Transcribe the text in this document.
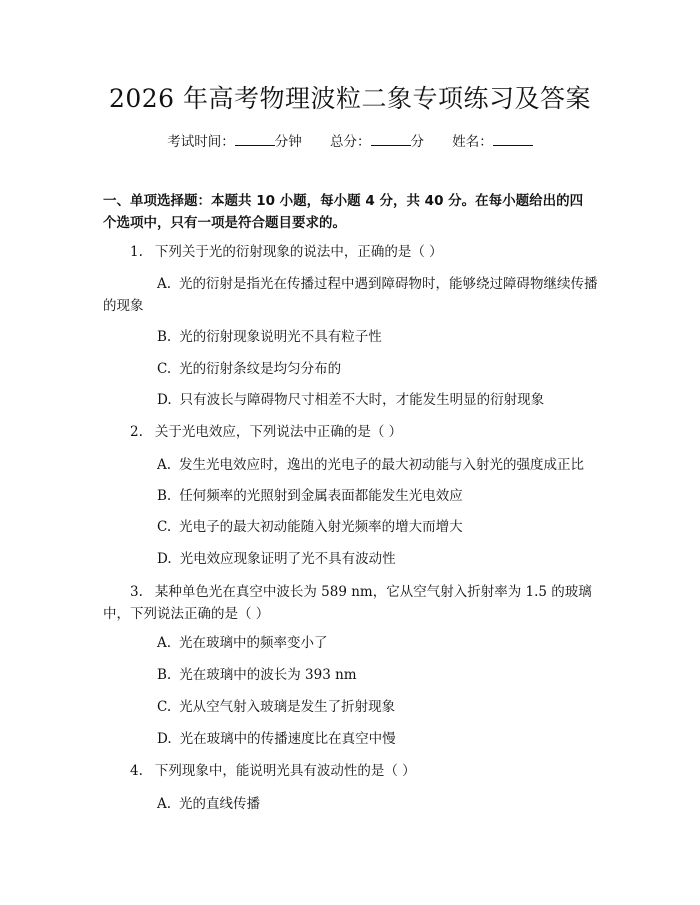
2026 年高考物理波粒二象专项练习及答案
考试时间：	分钟 总分：	分 姓名：
一、单项选择题：本题共 10 小题，每小题 4 分，共 40 分。在每小题给出的四个选项中，只有一项是符合题目要求的。
1. 下列关于光的衍射现象的说法中，正确的是（ ）
A. 光的衍射是指光在传播过程中遇到障碍物时，能够绕过障碍物继续传播的现象
B. 光的衍射现象说明光不具有粒子性
C. 光的衍射条纹是均匀分布的
D. 只有波长与障碍物尺寸相差不大时，才能发生明显的衍射现象
2. 关于光电效应，下列说法中正确的是（ ）
A. 发生光电效应时，逸出的光电子的最大初动能与入射光的强度成正比
B. 任何频率的光照射到金属表面都能发生光电效应
C. 光电子的最大初动能随入射光频率的增大而增大
D. 光电效应现象证明了光不具有波动性
3. 某种单色光在真空中波长为 589 nm，它从空气射入折射率为 1.5 的玻璃中，下列说法正确的是（ ）
A. 光在玻璃中的频率变小了
B. 光在玻璃中的波长为 393 nm
C. 光从空气射入玻璃是发生了折射现象
D. 光在玻璃中的传播速度比在真空中慢
4. 下列现象中，能说明光具有波动性的是（ ）
A. 光的直线传播
